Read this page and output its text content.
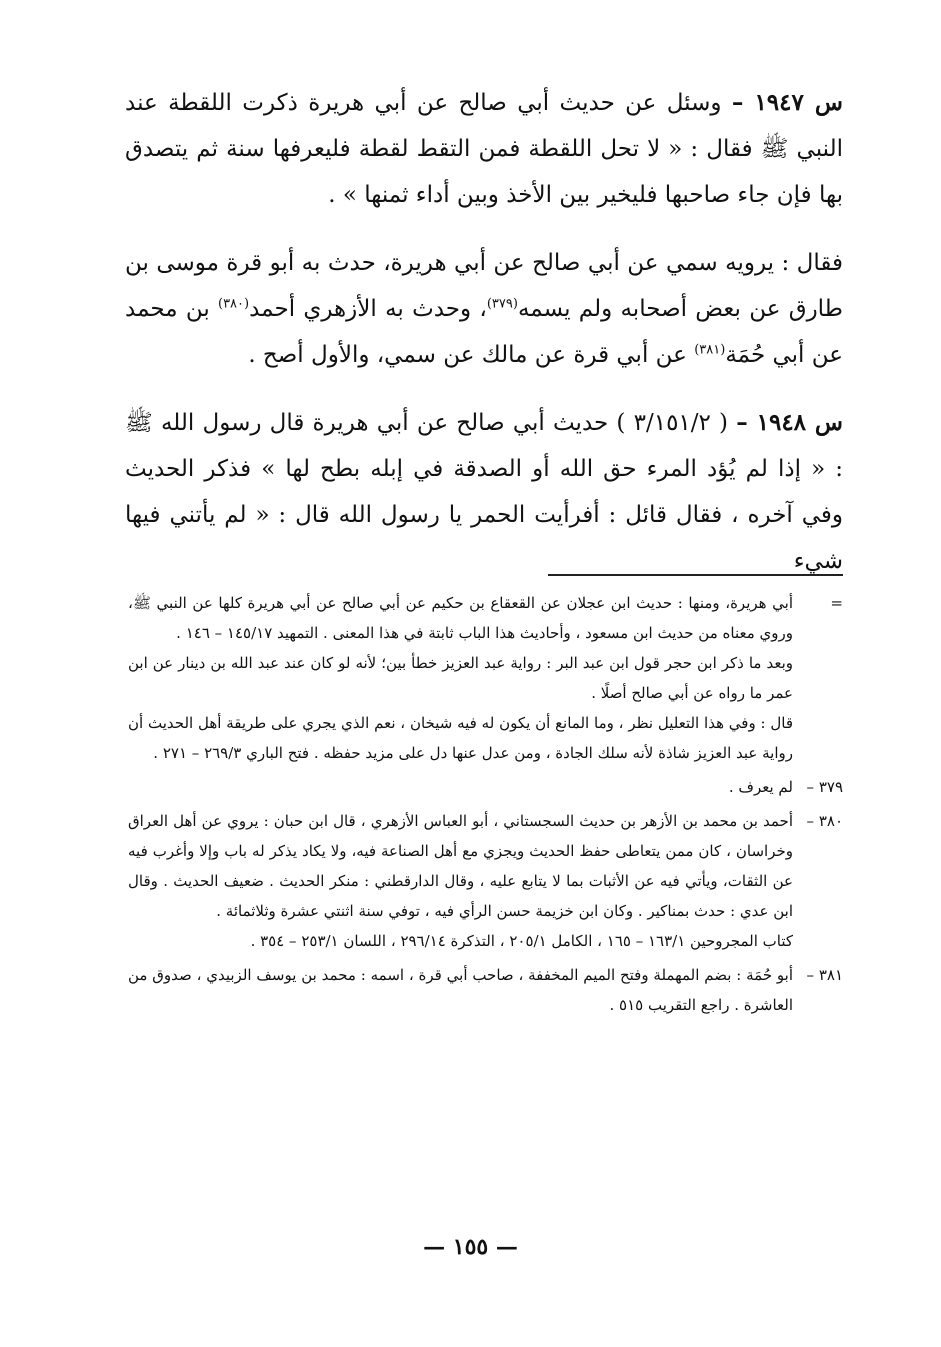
س ١٩٤٧ – وسئل عن حديث أبي صالح عن أبي هريرة ذكرت اللقطة عند النبي ﷺ فقال : « لا تحل اللقطة فمن التقط لقطة فليعرفها سنة ثم يتصدق بها فإن جاء صاحبها فليخير بين الأخذ وبين أداء ثمنها » .

فقال : يرويه سمي عن أبي صالح عن أبي هريرة، حدث به أبو قرة موسى بن طارق عن بعض أصحابه ولم يسمه$^{(٣٧٩)}$، وحدث به الأزهري أحمد$^{(٣٨٠)}$ بن محمد عن أبي حُمَة$^{(٣٨١)}$ عن أبي قرة عن مالك عن سمي، والأول أصح .

س ١٩٤٨ – ( ٣/١٥١/٢ ) حديث أبي صالح عن أبي هريرة قال رسول الله ﷺ : « إذا لم يُؤد المرء حق الله أو الصدقة في إبله بطح لها » فذكر الحديث وفي آخره ، فقال قائل : أفرأيت الحمر يا رسول الله قال : « لم يأتني فيها شيء

=
أبي هريرة، ومنها : حديث ابن عجلان عن القعقاع بن حكيم عن أبي صالح عن أبي هريرة كلها عن النبي ﷺ، وروي معناه من حديث ابن مسعود ، وأحاديث هذا الباب ثابتة في هذا المعنى . التمهيد ١٤٥/١٧ – ١٤٦ .
وبعد ما ذكر ابن حجر قول ابن عبد البر : رواية عبد العزيز خطأ بين؛ لأنه لو كان عند عبد الله بن دينار عن ابن عمر ما رواه عن أبي صالح أصلًا .
قال : وفي هذا التعليل نظر ، وما المانع أن يكون له فيه شيخان ، نعم الذي يجري على طريقة أهل الحديث أن رواية عبد العزيز شاذة لأنه سلك الجادة ، ومن عدل عنها دل على مزيد حفظه . فتح الباري ٢٦٩/٣ – ٢٧١ .
٣٧٩ –
لم يعرف .
٣٨٠ –
أحمد بن محمد بن الأزهر بن حديث السجستاني ، أبو العباس الأزهري ، قال ابن حبان : يروي عن أهل العراق وخراسان ، كان ممن يتعاطى حفظ الحديث ويجزي مع أهل الصناعة فيه، ولا يكاد يذكر له باب وإلا وأغرب فيه عن الثقات، ويأتي فيه عن الأثبات بما لا يتابع عليه ، وقال الدارقطني : منكر الحديث . ضعيف الحديث . وقال ابن عدي : حدث بمناكير . وكان ابن خزيمة حسن الرأي فيه ، توفي سنة اثنتي عشرة وثلاثمائة .
كتاب المجروحين ١٦٣/١ – ١٦٥ ، الكامل ٢٠٥/١ ، التذكرة ٢٩٦/١٤ ، اللسان ٢٥٣/١ – ٣٥٤ .
٣٨١ –
أبو حُمَة : بضم المهملة وفتح الميم المخففة ، صاحب أبي قرة ، اسمه : محمد بن يوسف الزبيدي ، صدوق من العاشرة . راجع التقريب ٥١٥ .
— ١٥٥ —
